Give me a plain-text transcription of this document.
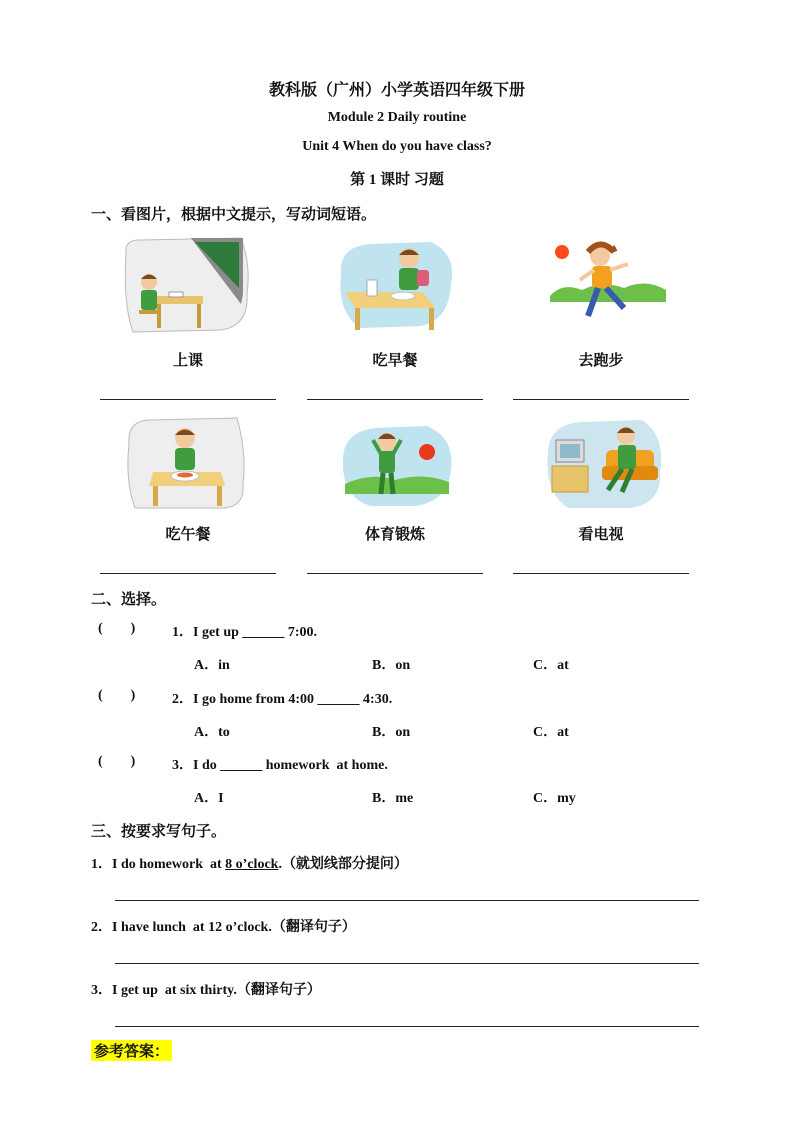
教科版（广州）小学英语四年级下册
Module 2 Daily routine
Unit 4 When do you have class?
第 1 课时 习题
一、看图片，根据中文提示，写动词短语。
上课	吃早餐	去跑步
吃午餐	体育锻炼	看电视
二、选择。
(        )	1．I get up ______ 7:00.
A．in	B．on	C．at
(        )	2．I go home from 4:00 ______ 4:30.
A．to	B．on	C．at
(        )	3．I do ______ homework  at home.
A．I	B．me	C．my
三、按要求写句子。
1．I do homework  at 8 o’clock.（就划线部分提问）
2．I have lunch  at 12 o’clock.（翻译句子）
3．I get up  at six thirty.（翻译句子）
参考答案：
